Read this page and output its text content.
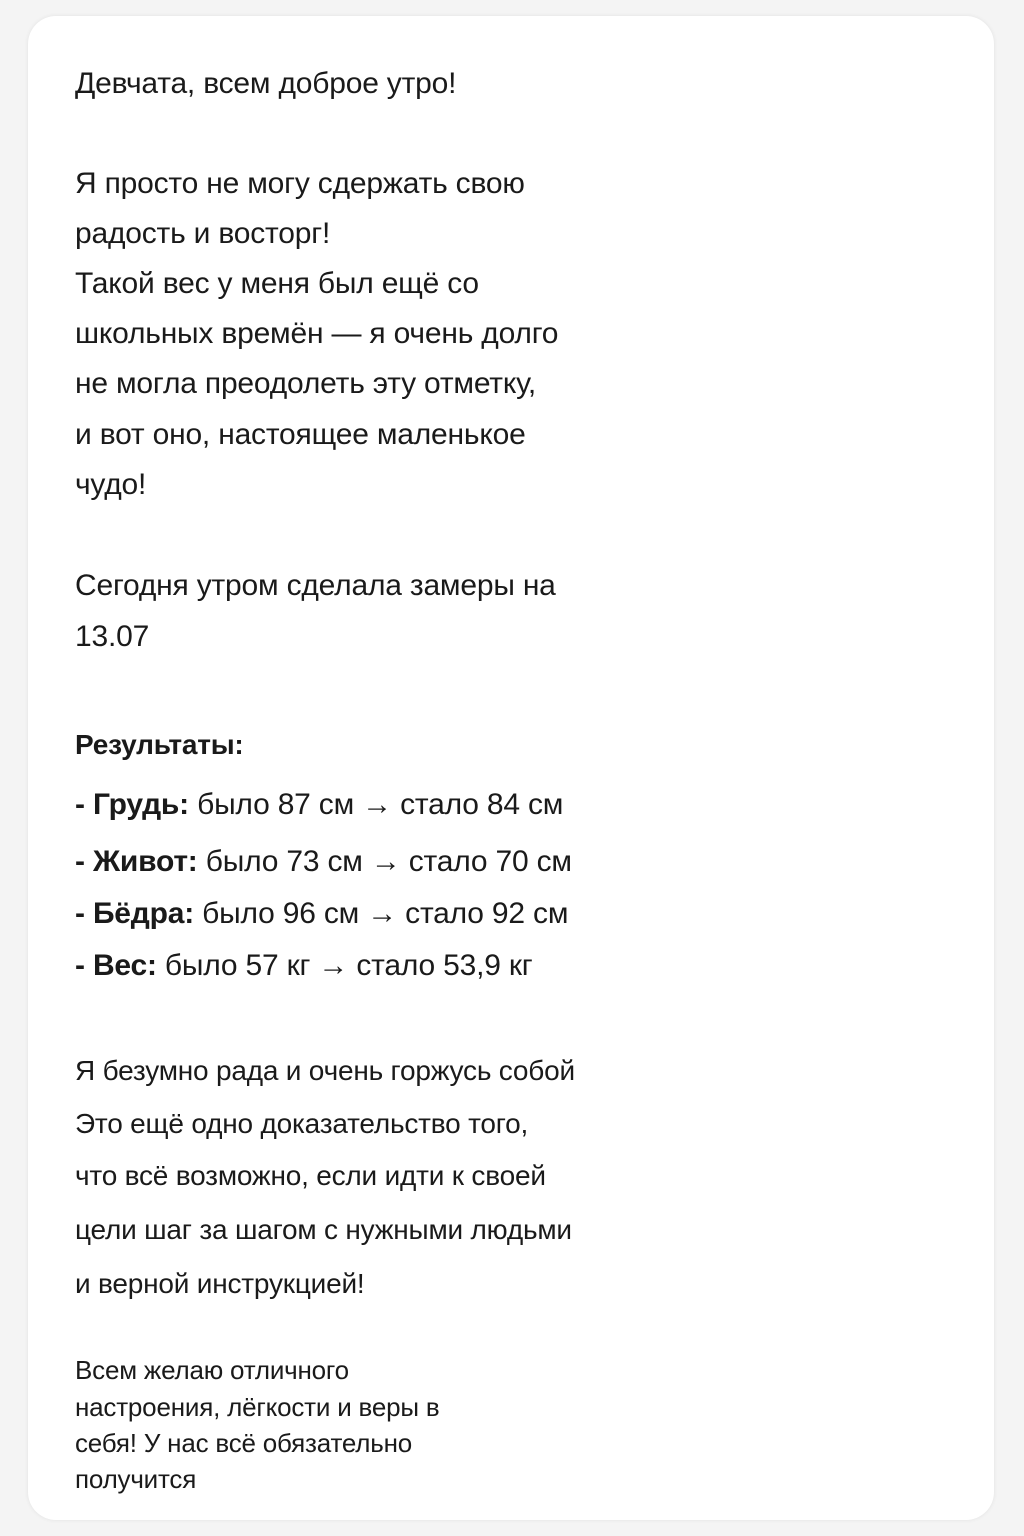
Девчата, всем доброе утро!

Я просто не могу сдержать свою

радость и восторг!

Такой вес у меня был ещё со

школьных времён — я очень долго

не могла преодолеть эту отметку,

и вот оно, настоящее маленькое

чудо!

Сегодня утром сделала замеры на

13.07

Результаты:

- Грудь: было 87 см → стало 84 см

- Живот: было 73 см → стало 70 см

- Бёдра: было 96 см → стало 92 см

- Вес: было 57 кг → стало 53,9 кг

Я безумно рада и очень горжусь собой

Это ещё одно доказательство того,

что всё возможно, если идти к своей

цели шаг за шагом с нужными людьми

и верной инструкцией!

Всем желаю отличного

настроения, лёгкости и веры в

себя! У нас всё обязательно

получится
